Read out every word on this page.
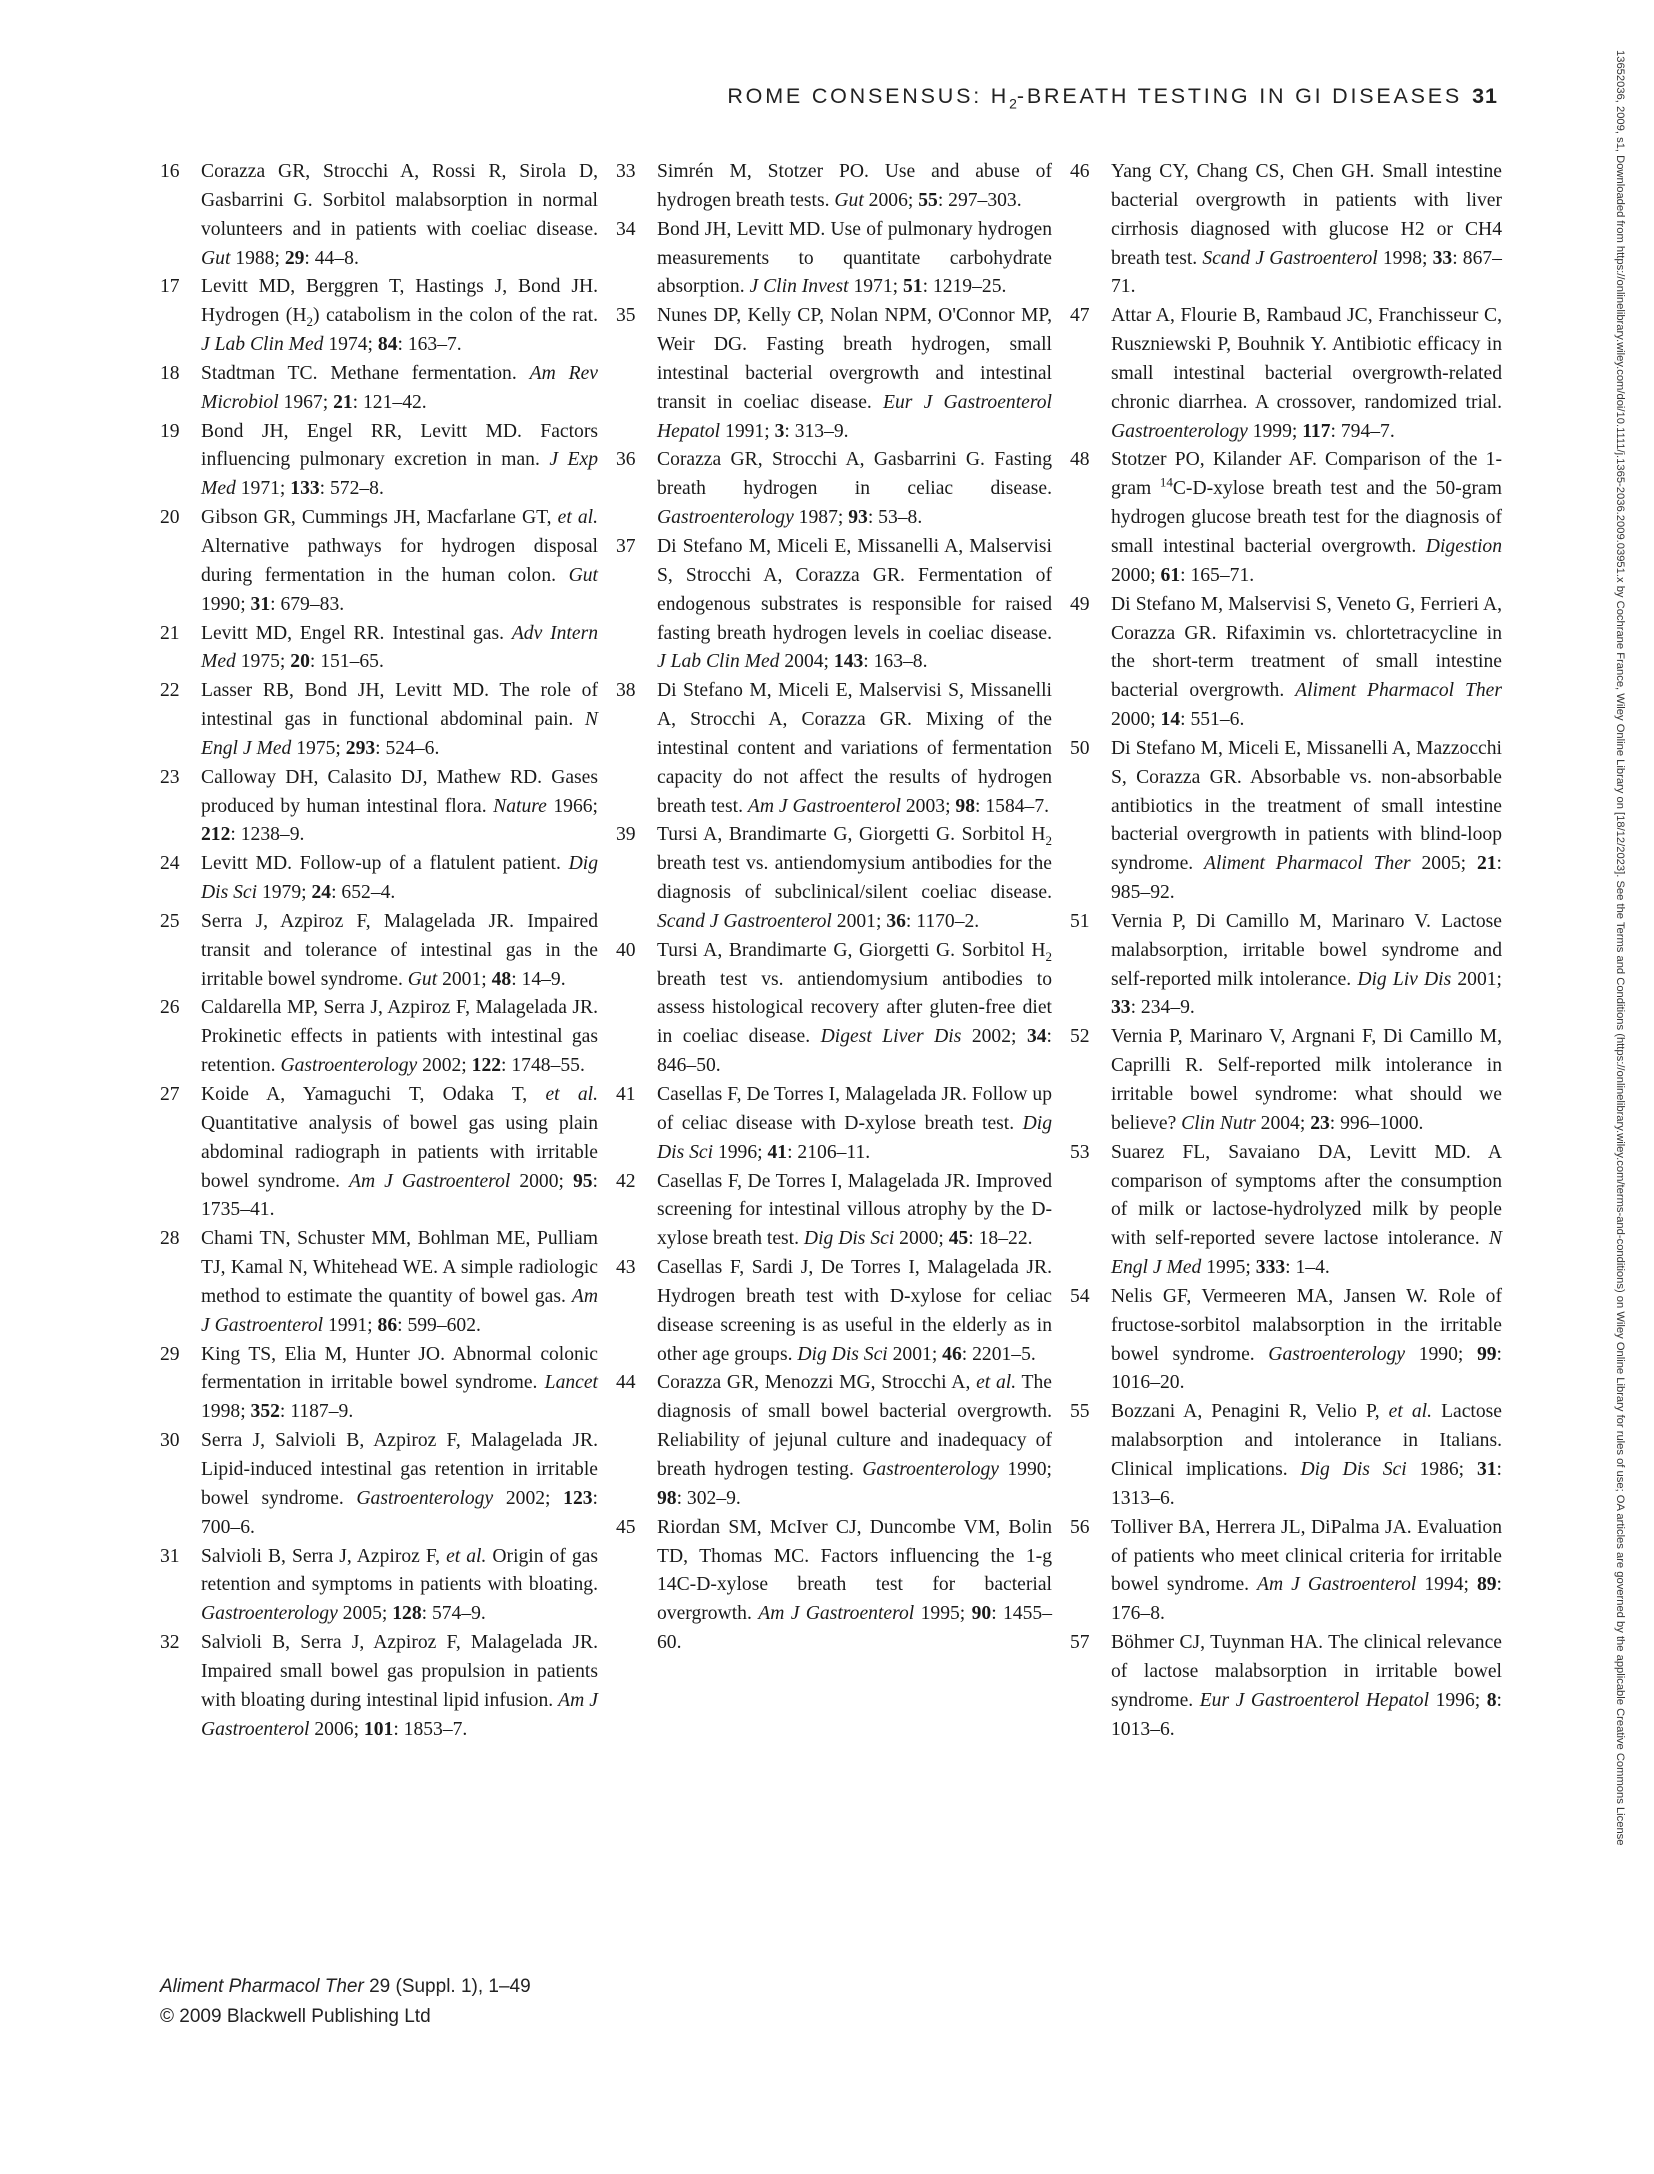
ROME CONSENSUS: $H_2$-BREATH TESTING IN GI DISEASES 31

16	Corazza GR, Strocchi A, Rossi R, Sirola D, Gasbarrini G. Sorbitol malabsorption in normal volunteers and in patients with coeliac disease. Gut 1988; 29: 44–8.

17	Levitt MD, Berggren T, Hastings J, Bond JH. Hydrogen $(H_2)$ catabolism in the colon of the rat. J Lab Clin Med 1974; 84: 163–7.

18	Stadtman TC. Methane fermentation. Am Rev Microbiol 1967; 21: 121–42.

19	Bond JH, Engel RR, Levitt MD. Factors influencing pulmonary excretion in man. J Exp Med 1971; 133: 572–8.

20	Gibson GR, Cummings JH, Macfarlane GT, et al. Alternative pathways for hydrogen disposal during fermentation in the human colon. Gut 1990; 31: 679–83.

21	Levitt MD, Engel RR. Intestinal gas. Adv Intern Med 1975; 20: 151–65.

22	Lasser RB, Bond JH, Levitt MD. The role of intestinal gas in functional abdominal pain. N Engl J Med 1975; 293: 524–6.

23	Calloway DH, Calasito DJ, Mathew RD. Gases produced by human intestinal flora. Nature 1966; 212: 1238–9.

24	Levitt MD. Follow-up of a flatulent patient. Dig Dis Sci 1979; 24: 652–4.

25	Serra J, Azpiroz F, Malagelada JR. Impaired transit and tolerance of intestinal gas in the irritable bowel syndrome. Gut 2001; 48: 14–9.

26	Caldarella MP, Serra J, Azpiroz F, Malagelada JR. Prokinetic effects in patients with intestinal gas retention. Gastroenterology 2002; 122: 1748–55.

27	Koide A, Yamaguchi T, Odaka T, et al. Quantitative analysis of bowel gas using plain abdominal radiograph in patients with irritable bowel syndrome. Am J Gastroenterol 2000; 95: 1735–41.

28	Chami TN, Schuster MM, Bohlman ME, Pulliam TJ, Kamal N, Whitehead WE. A simple radiologic method to estimate the quantity of bowel gas. Am J Gastroenterol 1991; 86: 599–602.

29	King TS, Elia M, Hunter JO. Abnormal colonic fermentation in irritable bowel syndrome. Lancet 1998; 352: 1187–9.

30	Serra J, Salvioli B, Azpiroz F, Malagelada JR. Lipid-induced intestinal gas retention in irritable bowel syndrome. Gastroenterology 2002; 123: 700–6.

31	Salvioli B, Serra J, Azpiroz F, et al. Origin of gas retention and symptoms in patients with bloating. Gastroenterology 2005; 128: 574–9.

32	Salvioli B, Serra J, Azpiroz F, Malagelada JR. Impaired small bowel gas propulsion in patients with bloating during intestinal lipid infusion. Am J Gastroenterol 2006; 101: 1853–7.

33	Simrén M, Stotzer PO. Use and abuse of hydrogen breath tests. Gut 2006; 55: 297–303.

34	Bond JH, Levitt MD. Use of pulmonary hydrogen measurements to quantitate carbohydrate absorption. J Clin Invest 1971; 51: 1219–25.

35	Nunes DP, Kelly CP, Nolan NPM, O'Connor MP, Weir DG. Fasting breath hydrogen, small intestinal bacterial overgrowth and intestinal transit in coeliac disease. Eur J Gastroenterol Hepatol 1991; 3: 313–9.

36	Corazza GR, Strocchi A, Gasbarrini G. Fasting breath hydrogen in celiac disease. Gastroenterology 1987; 93: 53–8.

37	Di Stefano M, Miceli E, Missanelli A, Malservisi S, Strocchi A, Corazza GR. Fermentation of endogenous substrates is responsible for raised fasting breath hydrogen levels in coeliac disease. J Lab Clin Med 2004; 143: 163–8.

38	Di Stefano M, Miceli E, Malservisi S, Missanelli A, Strocchi A, Corazza GR. Mixing of the intestinal content and variations of fermentation capacity do not affect the results of hydrogen breath test. Am J Gastroenterol 2003; 98: 1584–7.

39	Tursi A, Brandimarte G, Giorgetti G. Sorbitol $H_2$ breath test vs. antiendomysium antibodies for the diagnosis of subclinical/silent coeliac disease. Scand J Gastroenterol 2001; 36: 1170–2.

40	Tursi A, Brandimarte G, Giorgetti G. Sorbitol $H_2$ breath test vs. antiendomysium antibodies to assess histological recovery after gluten-free diet in coeliac disease. Digest Liver Dis 2002; 34: 846–50.

41	Casellas F, De Torres I, Malagelada JR. Follow up of celiac disease with D-xylose breath test. Dig Dis Sci 1996; 41: 2106–11.

42	Casellas F, De Torres I, Malagelada JR. Improved screening for intestinal villous atrophy by the D-xylose breath test. Dig Dis Sci 2000; 45: 18–22.

43	Casellas F, Sardi J, De Torres I, Malagelada JR. Hydrogen breath test with D-xylose for celiac disease screening is as useful in the elderly as in other age groups. Dig Dis Sci 2001; 46: 2201–5.

44	Corazza GR, Menozzi MG, Strocchi A, et al. The diagnosis of small bowel bacterial overgrowth. Reliability of jejunal culture and inadequacy of breath hydrogen testing. Gastroenterology 1990; 98: 302–9.

45	Riordan SM, McIver CJ, Duncombe VM, Bolin TD, Thomas MC. Factors influencing the 1-g 14C-D-xylose breath test for bacterial overgrowth. Am J Gastroenterol 1995; 90: 1455–60.

46	Yang CY, Chang CS, Chen GH. Small intestine bacterial overgrowth in patients with liver cirrhosis diagnosed with glucose H2 or CH4 breath test. Scand J Gastroenterol 1998; 33: 867–71.

47	Attar A, Flourie B, Rambaud JC, Franchisseur C, Ruszniewski P, Bouhnik Y. Antibiotic efficacy in small intestinal bacterial overgrowth-related chronic diarrhea. A crossover, randomized trial. Gastroenterology 1999; 117: 794–7.

48	Stotzer PO, Kilander AF. Comparison of the 1-gram $^{14}$C-D-xylose breath test and the 50-gram hydrogen glucose breath test for the diagnosis of small intestinal bacterial overgrowth. Digestion 2000; 61: 165–71.

49	Di Stefano M, Malservisi S, Veneto G, Ferrieri A, Corazza GR. Rifaximin vs. chlortetracycline in the short-term treatment of small intestine bacterial overgrowth. Aliment Pharmacol Ther 2000; 14: 551–6.

50	Di Stefano M, Miceli E, Missanelli A, Mazzocchi S, Corazza GR. Absorbable vs. non-absorbable antibiotics in the treatment of small intestine bacterial overgrowth in patients with blind-loop syndrome. Aliment Pharmacol Ther 2005; 21: 985–92.

51	Vernia P, Di Camillo M, Marinaro V. Lactose malabsorption, irritable bowel syndrome and self-reported milk intolerance. Dig Liv Dis 2001; 33: 234–9.

52	Vernia P, Marinaro V, Argnani F, Di Camillo M, Caprilli R. Self-reported milk intolerance in irritable bowel syndrome: what should we believe? Clin Nutr 2004; 23: 996–1000.

53	Suarez FL, Savaiano DA, Levitt MD. A comparison of symptoms after the consumption of milk or lactose-hydrolyzed milk by people with self-reported severe lactose intolerance. N Engl J Med 1995; 333: 1–4.

54	Nelis GF, Vermeeren MA, Jansen W. Role of fructose-sorbitol malabsorption in the irritable bowel syndrome. Gastroenterology 1990; 99: 1016–20.

55	Bozzani A, Penagini R, Velio P, et al. Lactose malabsorption and intolerance in Italians. Clinical implications. Dig Dis Sci 1986; 31: 1313–6.

56	Tolliver BA, Herrera JL, DiPalma JA. Evaluation of patients who meet clinical criteria for irritable bowel syndrome. Am J Gastroenterol 1994; 89: 176–8.

57	Böhmer CJ, Tuynman HA. The clinical relevance of lactose malabsorption in irritable bowel syndrome. Eur J Gastroenterol Hepatol 1996; 8: 1013–6.

Aliment Pharmacol Ther 29 (Suppl. 1), 1–49
© 2009 Blackwell Publishing Ltd
13652036, 2009, s1, Downloaded from https://onlinelibrary.wiley.com/doi/10.1111/j.1365-2036.2009.03951.x by Cochrane France, Wiley Online Library on [18/12/2023]. See the Terms and Conditions (https://onlinelibrary.wiley.com/terms-and-conditions) on Wiley Online Library for rules of use; OA articles are governed by the applicable Creative Commons License
